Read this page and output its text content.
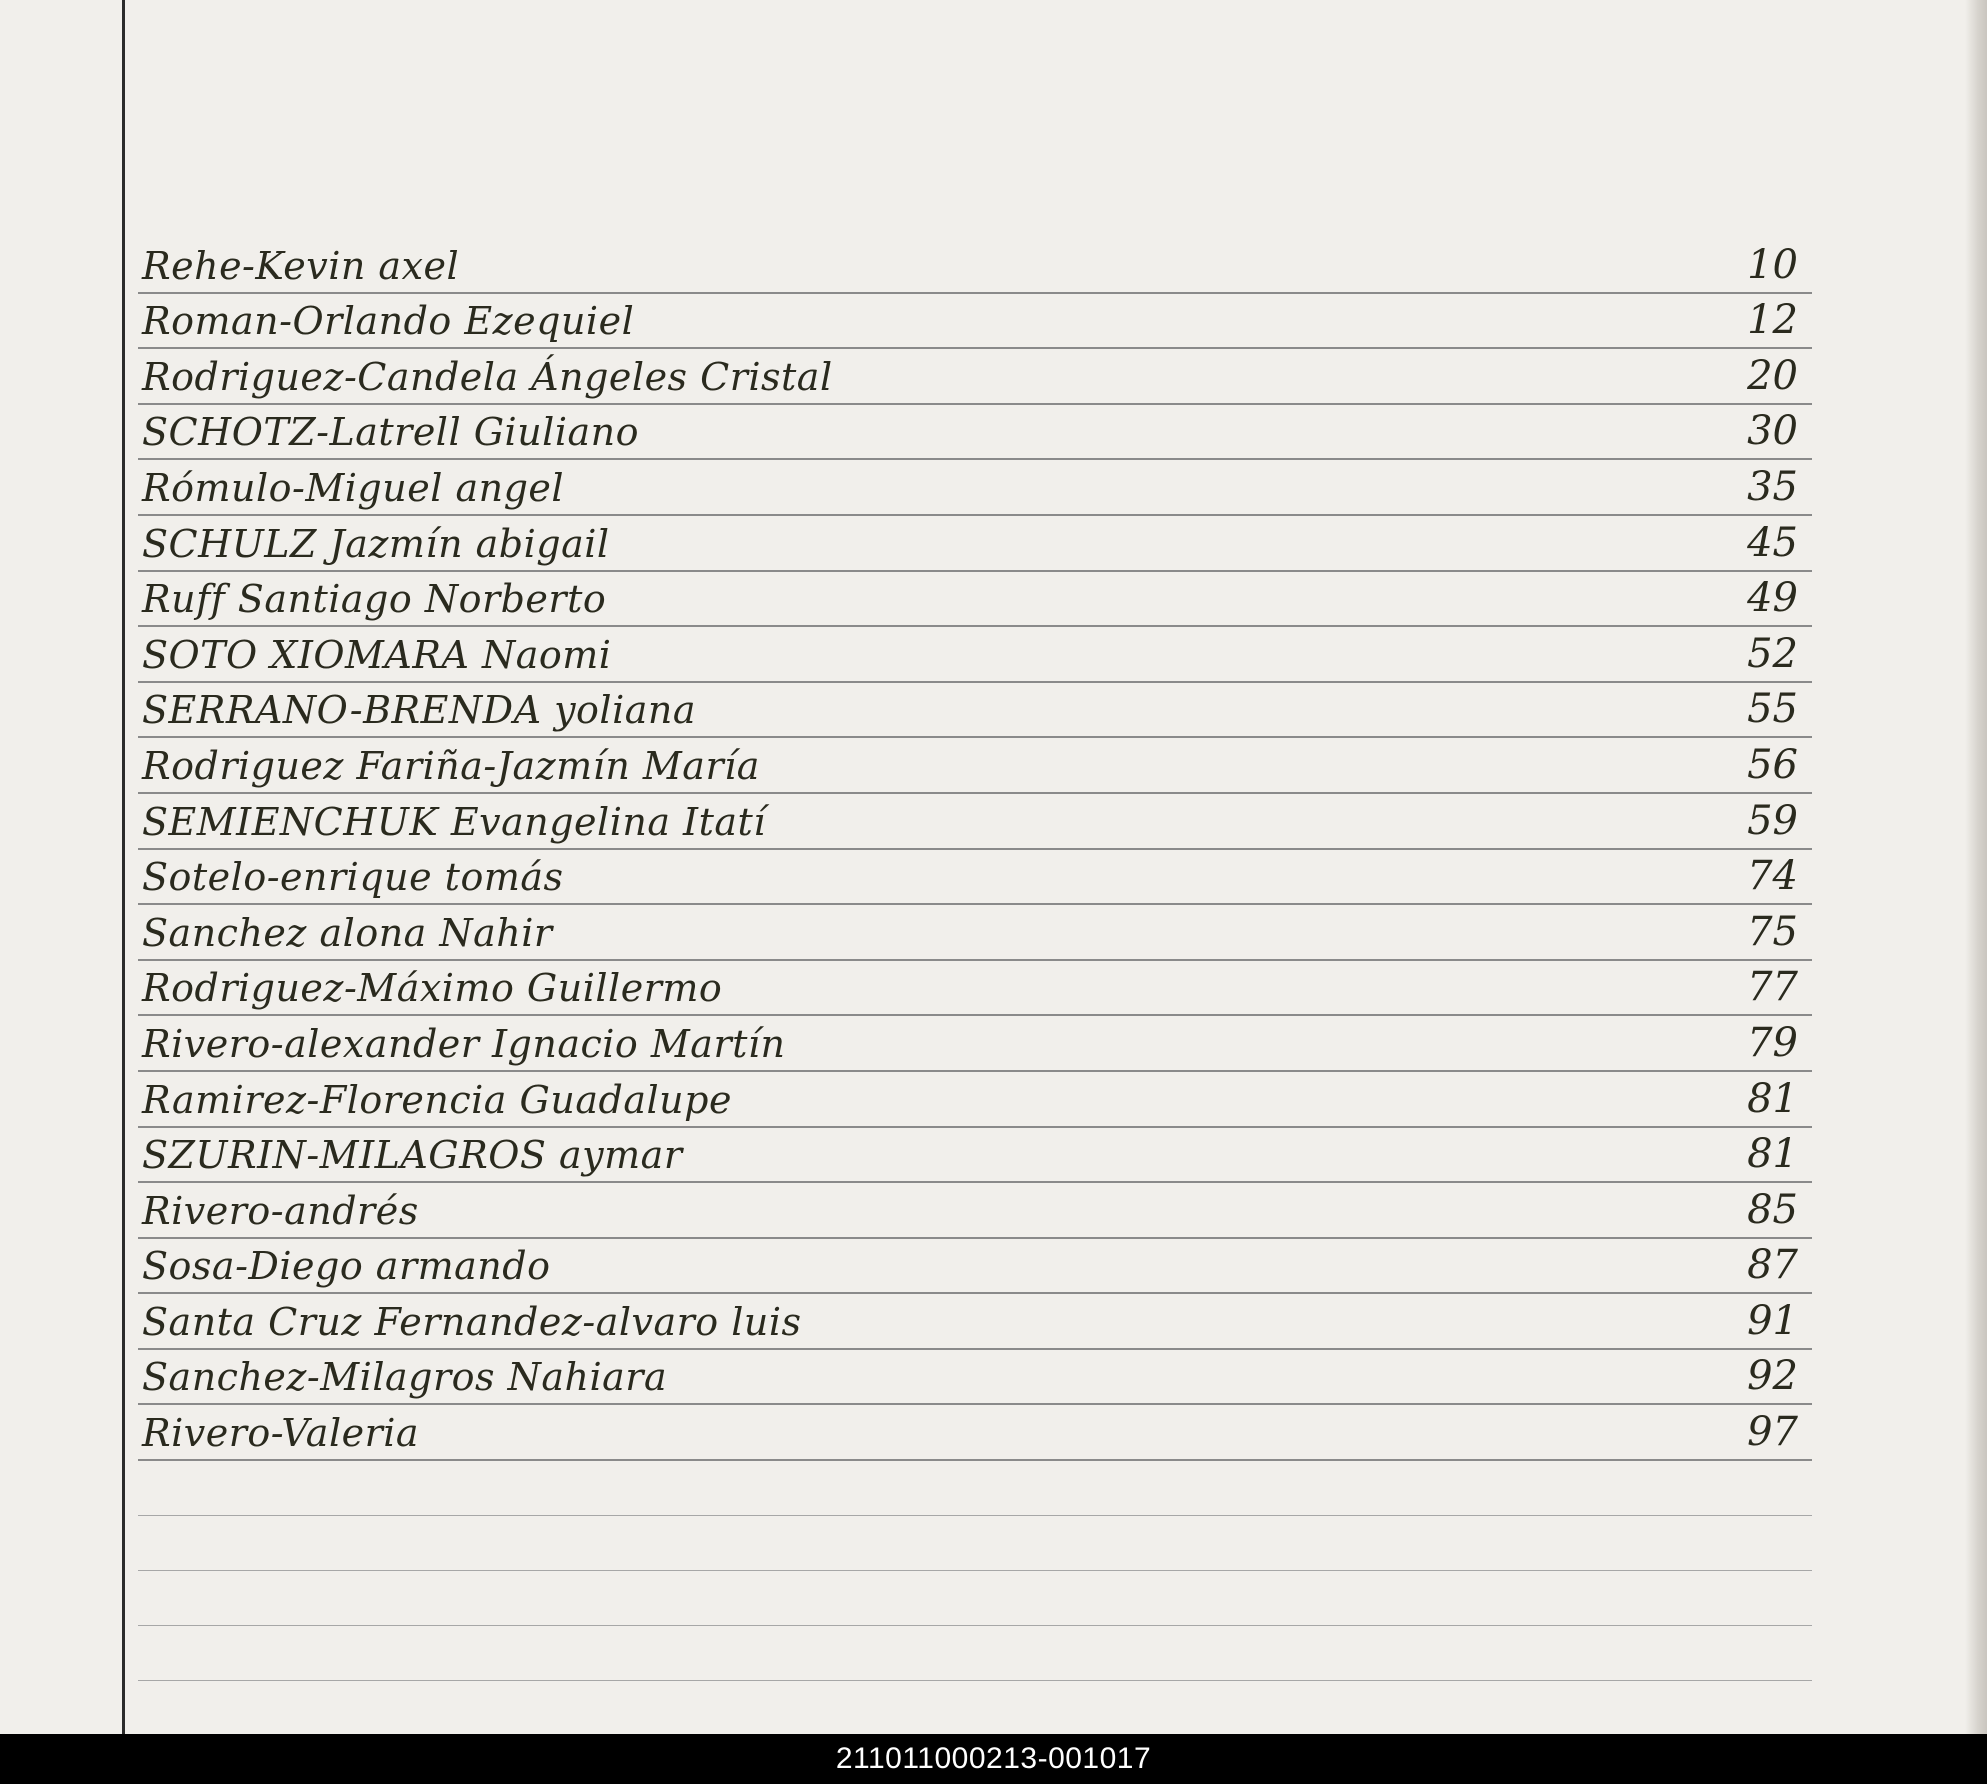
Rehe-Kevin axel	10
Roman-Orlando Ezequiel	12
Rodriguez-Candela Ángeles Cristal	20
SCHOTZ-Latrell Giuliano	30
Rómulo-Miguel angel	35
SCHULZ Jazmín abigail	45
Ruff Santiago Norberto	49
SOTO XIOMARA Naomi	52
SERRANO-BRENDA yoliana	55
Rodriguez Fariña-Jazmín María	56
SEMIENCHUK Evangelina Itatí	59
Sotelo-enrique tomás	74
Sanchez alona Nahir	75
Rodriguez-Máximo Guillermo	77
Rivero-alexander Ignacio Martín	79
Ramirez-Florencia Guadalupe	81
SZURIN-MILAGROS aymar	81
Rivero-andrés	85
Sosa-Diego armando	87
Santa Cruz Fernandez-alvaro luis	91
Sanchez-Milagros Nahiara	92
Rivero-Valeria	97
211011000213-001017
